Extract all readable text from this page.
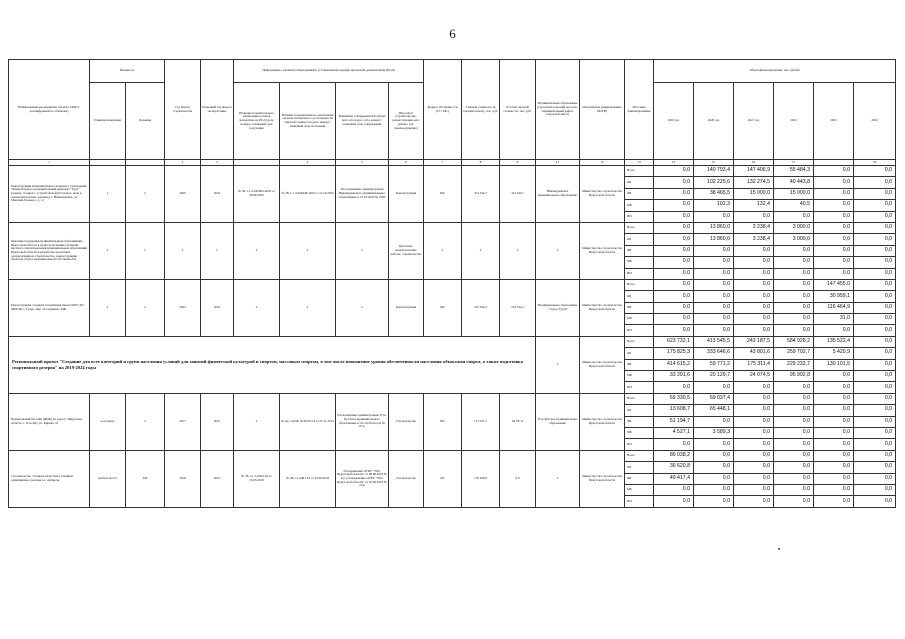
6
Наименование мероприятия, объекта, ПИР (с расшифровкой по объектам)	Мощность		Год начала строительства	Плановый год ввода в эксплуатацию	Информация о наличии утвержденной в установленном порядке проектной документации (ПСД)				Форма собственности (ГС/ МС)	Сметная стоимость (в текущих ценах), тыс. руб.	Остаток сметной стоимости, тыс. руб.	Муниципальное образование (городской/сельский поселок, муниципальный район, городской округ)	Исполнитель (наименование ИОГВ)	Источник финансирования	Объем финансирования, тыс. рублей					
	Единица измерения	Значение			Наличие положительного заключения органов экспертизы на ПСД (дата, номер) / плановый срок получения	Наличие положительного заключения органов экспертизы о достоверности сметной стоимости (дата, номер) / плановый срок получения	Реквизиты утверждения ПСД (вид акта, кто издал, дата, номер) / плановый срок утверждения	Вид работ (строительство, реконструкция, кап. ремонт, тех. перевооружение)							2019 год	2020 год	2021 год	2022	2023	2024
1			2	3		4	5	6	7	8	9	11	12	13	14	15	16	17		19
Реконструкция муниципального казенного учреждения "Физкультурно-оздоровительный комплекс "Труд" (здание, стадион с устройством футбольного поля и легкоатлетических дорожек), г. Нижнеудинск, ул. Максима Горького, д. 11	х	х	2020	2022	№ 38-1-1-3-045063-2020 от 09.09.2020	№ 38-1-1-3-050448-2020 от 12.10.2020	Постановление администрации Нижнеудинского муниципального образования от 27.10.2020 № 1085	Реконструкция	МС	314 344,7	314 344,7	Нижнеудинское муниципальное образование	Министерство строительства Иркутской области	Всего	0,0	140 793,4	147 406,9	55 484,3	0,0	0,0
														ОБ	0,0	102 225,6	132 274,5	40 443,8	0,0	0,0
														ФБ	0,0	38 465,5	15 000,0	15 000,0	0,0	0,0
														МБ	0,0	102,3	132,4	40,5	0,0	0,0
														ИИ	0,0	0,0	0,0	0,0	0,0	0,0
Оказание поддержки муниципальным образованиям Иркутской области в целях исполнения органами местного самоуправления муниципальных образований Иркутской области в разработке проектной документации на строительство, реконструкцию объектов спорта муниципальной собственности	х	х	х	х	х	х	х	Проектно-изыскательские работы, строительство	х	х	х	х	Министерство строительства Иркутской области	Всего	0,0	13 860,0	3 238,4	3 000,0	0,0	0,0
														ОБ	0,0	13 860,0	3 238,4	3 000,0	0,0	0,0
														ФБ	0,0	0,0	0,0	0,0	0,0	0,0
														МБ	0,0	0,0	0,0	0,0	0,0	0,0
														ИИ	0,0	0,0	0,0	0,0	0,0	0,0
Реконструкция стадиона Спортивная школа МКУ ДО ДЮСШ, г. Тулун, мкр. Угольщиков, 43Ф	х	х	2023	2023	х	х	х	Реконструкция	МС	210 354,3	210 354,3	Муниципальное образование - "город Тулун"	Министерство строительства Иркутской области	Всего	0,0	0,0	0,0	0,0	147 455,0	0,0
														ОБ	0,0	0,0	0,0	0,0	30 959,1	0,0
														ФБ	0,0	0,0	0,0	0,0	116 464,9	0,0
														МБ	0,0	0,0	0,0	0,0	31,0	0,0
														ИИ	0,0	0,0	0,0	0,0	0,0	0,0
Региональный проект "Создание для всех категорий и групп населения условий для занятий физической культурой и спортом, массовым спортом, в том числе повышение уровня обеспеченности населения объектами спорта, а также подготовка спортивного резерва" на 2019-2024 годы												х	Министерство строительства Иркутской области	Всего	623 732,1	413 545,5	243 187,5	584 928,2	135 522,4	0,0
														ОБ	175 825,3	333 646,6	43 801,6	259 702,7	5 420,9	0,0
														ФБ	414 615,2	59 771,2	175 311,4	229 232,7	130 101,5	0,0
														МБ	33 291,6	20 129,7	24 074,5	95 992,8	0,0	0,0
														ИИ	0,0	0,0	0,0	0,0	0,0	0,0
Плавательный бассейн (ФОК) по адресу: Иркутская область, г. Усть-Кут, ул. Кирова, 10	чел/смену	х	2017	2021	х	№ ДС-14158-16/38-05/14 от 07.11.2014	Распоряжение администрации Усть-Кутского муниципального образования от 02.10.2014 года № 97-р	Строительство	МС	173 101,5	64 037,4	Усть-Кутское муниципальное образование	Министерство строительства Иркутской области	Всего	69 330,5	69 037,4	0,0	0,0	0,0	0,0
														ОБ	13 608,7	65 448,1	0,0	0,0	0,0	0,0
														ФБ	51 194,7	0,0	0,0	0,0	0,0	0,0
														МБ	4 527,1	3 589,3	0,0	0,0	0,0	0,0
														ИИ	0,0	0,0	0,0	0,0	0,0	0,0
Строительство стадиона областного училища олимпийского резерва в г. Ангарске	зрителе места	300	2018	2019	№ 38-1-1-3-0043-18 от 23.03.2018	№ 38-1-1-0481-18 от 22.06.2018	Распоряжение ОГКУ "УКС Иркутской области" от 08.06.2018 № 4-р; распоряжение ОГКУ "УКС Иркутской области" от 22.06.2018 № 19-р	Строительство	ОС	130 299,9	0,0	х	Министерство строительства Иркутской области	Всего	86 038,2	0,0	0,0	0,0	0,0	0,0
														ОБ	36 620,8	0,0	0,0	0,0	0,0	0,0
														ФБ	49 417,4	0,0	0,0	0,0	0,0	0,0
														МБ	0,0	0,0	0,0	0,0	0,0	0,0
														ИИ	0,0	0,0	0,0	0,0	0,0	0,0
